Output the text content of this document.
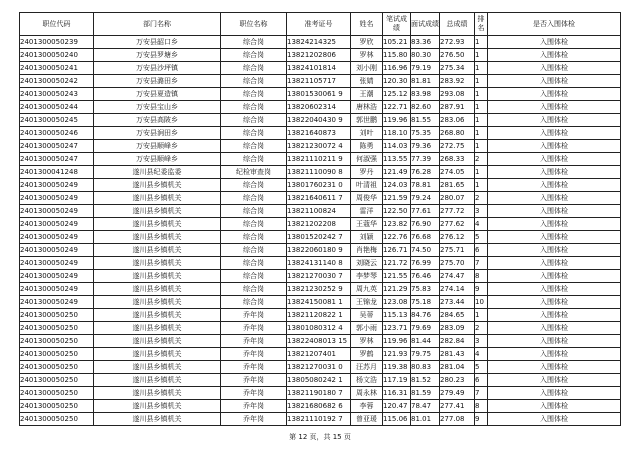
职位代码	部门名称	职位名称	准考证号	姓名	笔试成绩	面试成绩	总成绩	排名	是否入围体检
2401300050239	万安县韶口乡	综合岗	13824214325	罗欣	105.21	83.36	272.93	1	入围体检
2401300050240	万安县罗塘乡	综合岗	13821202806	罗林	115.80	80.30	276.50	1	入围体检
2401300050241	万安县沙坪镇	综合岗	13824101814	刘小刚	116.96	79.19	275.34	1	入围体检
2401300050242	万安县潞田乡	综合岗	13821105717	张婧	120.30	81.81	283.92	1	入围体检
2401300050243	万安县夏造镇	综合岗	13801530061 9	王潮	125.12	83.98	293.08	1	入围体检
2401300050244	万安县宝山乡	综合岗	13820602314	唐林浩	122.71	82.60	287.91	1	入围体检
2401300050245	万安县高陂乡	综合岗	13822040430 9	郭世鹏	119.96	81.55	283.06	1	入围体检
2401300050246	万安县涧田乡	综合岗	13821640873	刘叶	118.10	75.35	268.80	1	入围体检
2401300050247	万安县顺峰乡	综合岗	13821230072 4	陈勇	114.03	79.36	272.75	1	入围体检
2401300050247	万安县顺峰乡	综合岗	13821110211 9	何淑强	113.55	77.39	268.33	2	入围体检
2401300041248	遂川县纪委监委	纪检审查岗	13821110090 8	罗丹	121.49	76.28	274.05	1	入围体检
2401300050249	遂川县乡镇机关	综合岗	13801760231 0	叶清祖	124.03	78.81	281.65	1	入围体检
2401300050249	遂川县乡镇机关	综合岗	13821640611 7	周俊华	121.59	79.24	280.07	2	入围体检
2401300050249	遂川县乡镇机关	综合岗	13821100824	雷洋	122.50	77.61	277.72	3	入围体检
2401300050249	遂川县乡镇机关	综合岗	13821202208	王蔻华	123.82	76.90	277.62	4	入围体检
2401300050249	遂川县乡镇机关	综合岗	13801520242 7	刘颖	122.76	76.68	276.12	5	入围体检
2401300050249	遂川县乡镇机关	综合岗	13822060180 9	肖艳梅	126.71	74.50	275.71	6	入围体检
2401300050249	遂川县乡镇机关	综合岗	13824131140 8	刘晓云	121.72	76.99	275.70	7	入围体检
2401300050249	遂川县乡镇机关	综合岗	13821270030 7	李梦琴	121.55	76.46	274.47	8	入围体检
2401300050249	遂川县乡镇机关	综合岗	13821230252 9	周九英	121.29	75.83	274.14	9	入围体检
2401300050249	遂川县乡镇机关	综合岗	13824150081 1	王锦龙	123.08	75.18	273.44	10	入围体检
2401300050250	遂川县乡镇机关	乔年岗	13821120822 1	吴蒂	115.13	84.76	284.65	1	入围体检
2401300050250	遂川县乡镇机关	乔年岗	13801080312 4	郭小雨	123.71	79.69	283.09	2	入围体检
2401300050250	遂川县乡镇机关	乔年岗	13822408013 15	罗林	119.96	81.44	282.84	3	入围体检
2401300050250	遂川县乡镇机关	乔年岗	13821207401	罗鹤	121.93	79.75	281.43	4	入围体检
2401300050250	遂川县乡镇机关	乔年岗	13821270031 0	汪苏月	119.38	80.83	281.04	5	入围体检
2401300050250	遂川县乡镇机关	乔年岗	13805080242 1	杨文浩	117.19	81.52	280.23	6	入围体检
2401300050250	遂川县乡镇机关	乔年岗	13821190180 7	周永林	116.31	81.59	279.49	7	入围体检
2401300050250	遂川县乡镇机关	乔年岗	13821680682 6	李蓉	120.47	78.47	277.41	8	入围体检
2401300050250	遂川县乡镇机关	乔年岗	13821110192 7	曾亚瑗	115.06	81.01	277.08	9	入围体检
第 12 页，共 15 页
